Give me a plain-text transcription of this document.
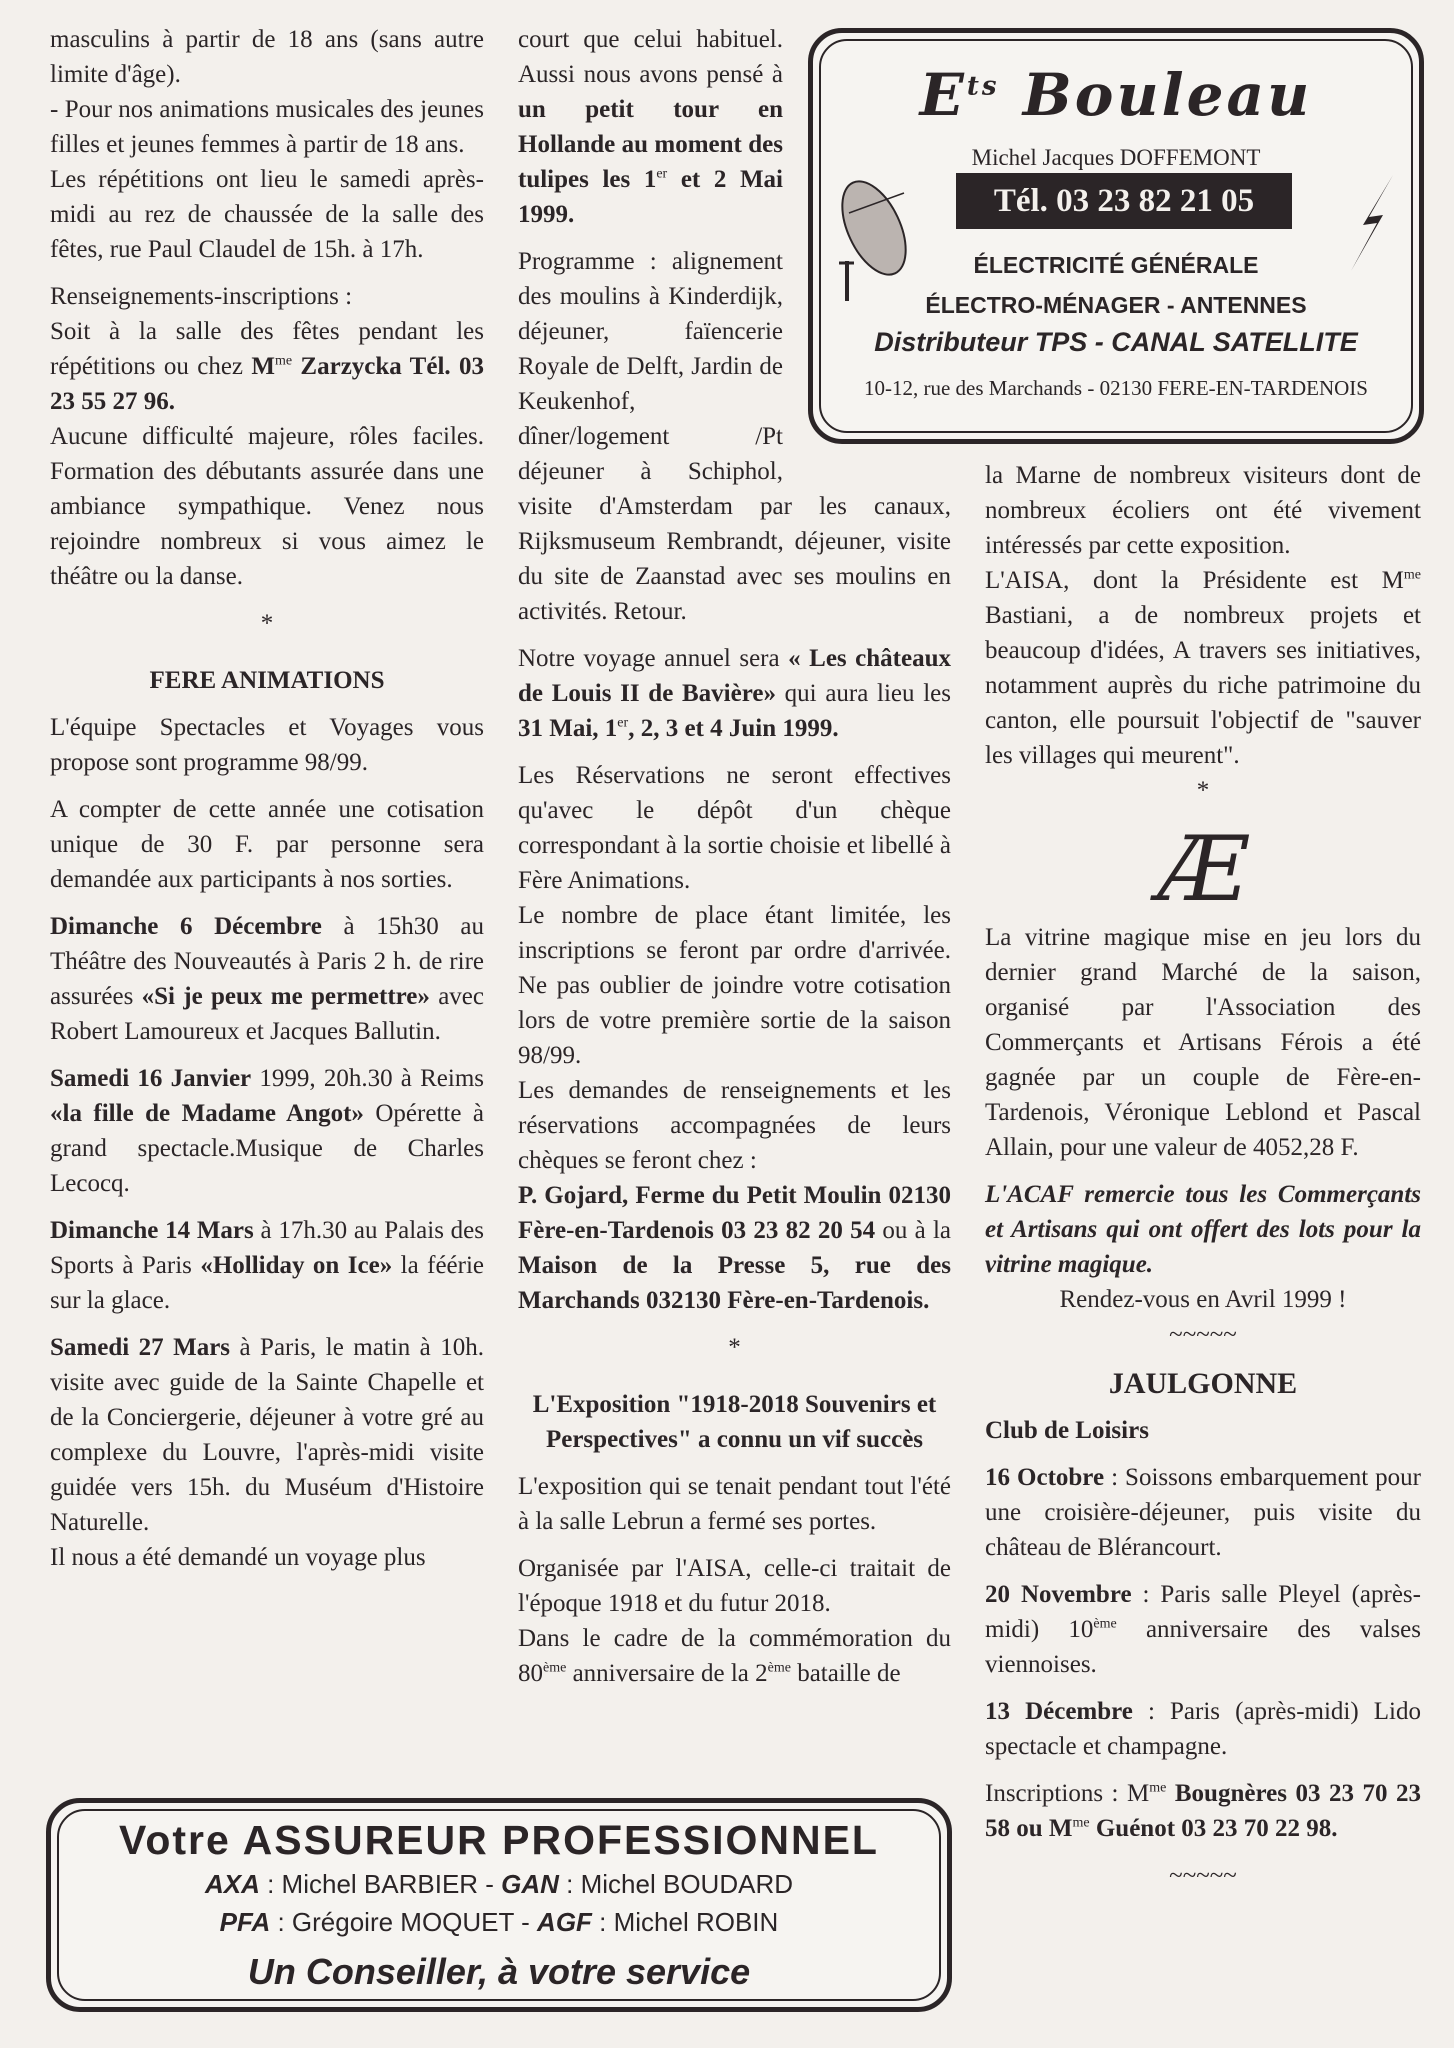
masculins à partir de 18 ans (sans autre limite d'âge).

- Pour nos animations musicales des jeunes filles et jeunes femmes à partir de 18 ans.

Les répétitions ont lieu le samedi après-midi au rez de chaussée de la salle des fêtes, rue Paul Claudel de 15h. à 17h.

Renseignements-inscriptions :

Soit à la salle des fêtes pendant les répétitions ou chez $M^{me}$ Zarzycka Tél. 03 23 55 27 96.

Aucune difficulté majeure, rôles faciles. Formation des débutants assurée dans une ambiance sympathique. Venez nous rejoindre nombreux si vous aimez le théâtre ou la danse.

*

FERE ANIMATIONS

L'équipe Spectacles et Voyages vous propose sont programme 98/99.

A compter de cette année une cotisation unique de 30 F. par personne sera demandée aux participants à nos sorties.

Dimanche 6 Décembre à 15h30 au Théâtre des Nouveautés à Paris 2 h. de rire assurées «Si je peux me permettre» avec Robert Lamoureux et Jacques Ballutin.

Samedi 16 Janvier 1999, 20h.30 à Reims «la fille de Madame Angot» Opérette à grand spectacle.Musique de Charles Lecocq.

Dimanche 14 Mars à 17h.30 au Palais des Sports à Paris «Holliday on Ice» la féérie sur la glace.

Samedi 27 Mars à Paris, le matin à 10h. visite avec guide de la Sainte Chapelle et de la Conciergerie, déjeuner à votre gré au complexe du Louvre, l'après-midi visite guidée vers 15h. du Muséum d'Histoire Naturelle.

Il nous a été demandé un voyage plus

court que celui habituel. Aussi nous avons pensé à un petit tour en Hollande au moment des tulipes les 1er et 2 Mai 1999.

Programme : alignement des moulins à Kinderdijk, déjeuner, faïencerie Royale de Delft, Jardin de Keukenhof, dîner/logement /Pt déjeuner à Schiphol, visite d'Amsterdam par les canaux, Rijksmuseum Rembrandt, déjeuner, visite du site de Zaanstad avec ses moulins en activités. Retour.

Notre voyage annuel sera « Les châteaux de Louis II de Bavière» qui aura lieu les 31 Mai, 1er, 2, 3 et 4 Juin 1999.

Les Réservations ne seront effectives qu'avec le dépôt d'un chèque correspondant à la sortie choisie et libellé à Fère Animations.

Le nombre de place étant limitée, les inscriptions se feront par ordre d'arrivée. Ne pas oublier de joindre votre cotisation lors de votre première sortie de la saison 98/99.

Les demandes de renseignements et les réservations accompagnées de leurs chèques se feront chez :

P. Gojard, Ferme du Petit Moulin 02130 Fère-en-Tardenois 03 23 82 20 54 ou à la Maison de la Presse 5, rue des Marchands 032130 Fère-en-Tardenois.

*

L'Exposition "1918-2018 Souvenirs et Perspectives" a connu un vif succès

L'exposition qui se tenait pendant tout l'été à la salle Lebrun a fermé ses portes.

Organisée par l'AISA, celle-ci traitait de l'époque 1918 et du futur 2018.

Dans le cadre de la commémoration du 80ème anniversaire de la 2ème bataille de

la Marne de nombreux visiteurs dont de nombreux écoliers ont été vivement intéressés par cette exposition.

L'AISA, dont la Présidente est $M^{me}$ Bastiani, a de nombreux projets et beaucoup d'idées, A travers ses initiatives, notamment auprès du riche patrimoine du canton, elle poursuit l'objectif de "sauver les villages qui meurent".

*

Æ

La vitrine magique mise en jeu lors du dernier grand Marché de la saison, organisé par l'Association des Commerçants et Artisans Férois a été gagnée par un couple de Fère-en-Tardenois, Véronique Leblond et Pascal Allain, pour une valeur de 4052,28 F.

L'ACAF remercie tous les Commerçants et Artisans qui ont offert des lots pour la vitrine magique.

Rendez-vous en Avril 1999 !

~~~~~

JAULGONNE

Club de Loisirs

16 Octobre : Soissons embarquement pour une croisière-déjeuner, puis visite du château de Blérancourt.

20 Novembre : Paris salle Pleyel (après-midi) 10ème anniversaire des valses viennoises.

13 Décembre : Paris (après-midi) Lido spectacle et champagne.

Inscriptions : $M^{me}$ Bougnères 03 23 70 23 58 ou $M^{me}$ Guénot 03 23 70 22 98.

~~~~~

$E^{ts}$ Bouleau
Michel Jacques DOFFEMONT
Tél. 03 23 82 21 05
ÉLECTRICITÉ GÉNÉRALE
ÉLECTRO-MÉNAGER - ANTENNES
Distributeur TPS - CANAL SATELLITE
10-12, rue des Marchands - 02130 FERE-EN-TARDENOIS
Votre ASSUREUR PROFESSIONNEL
AXA : Michel BARBIER - GAN : Michel BOUDARD
PFA : Grégoire MOQUET - AGF : Michel ROBIN
Un Conseiller, à votre service
